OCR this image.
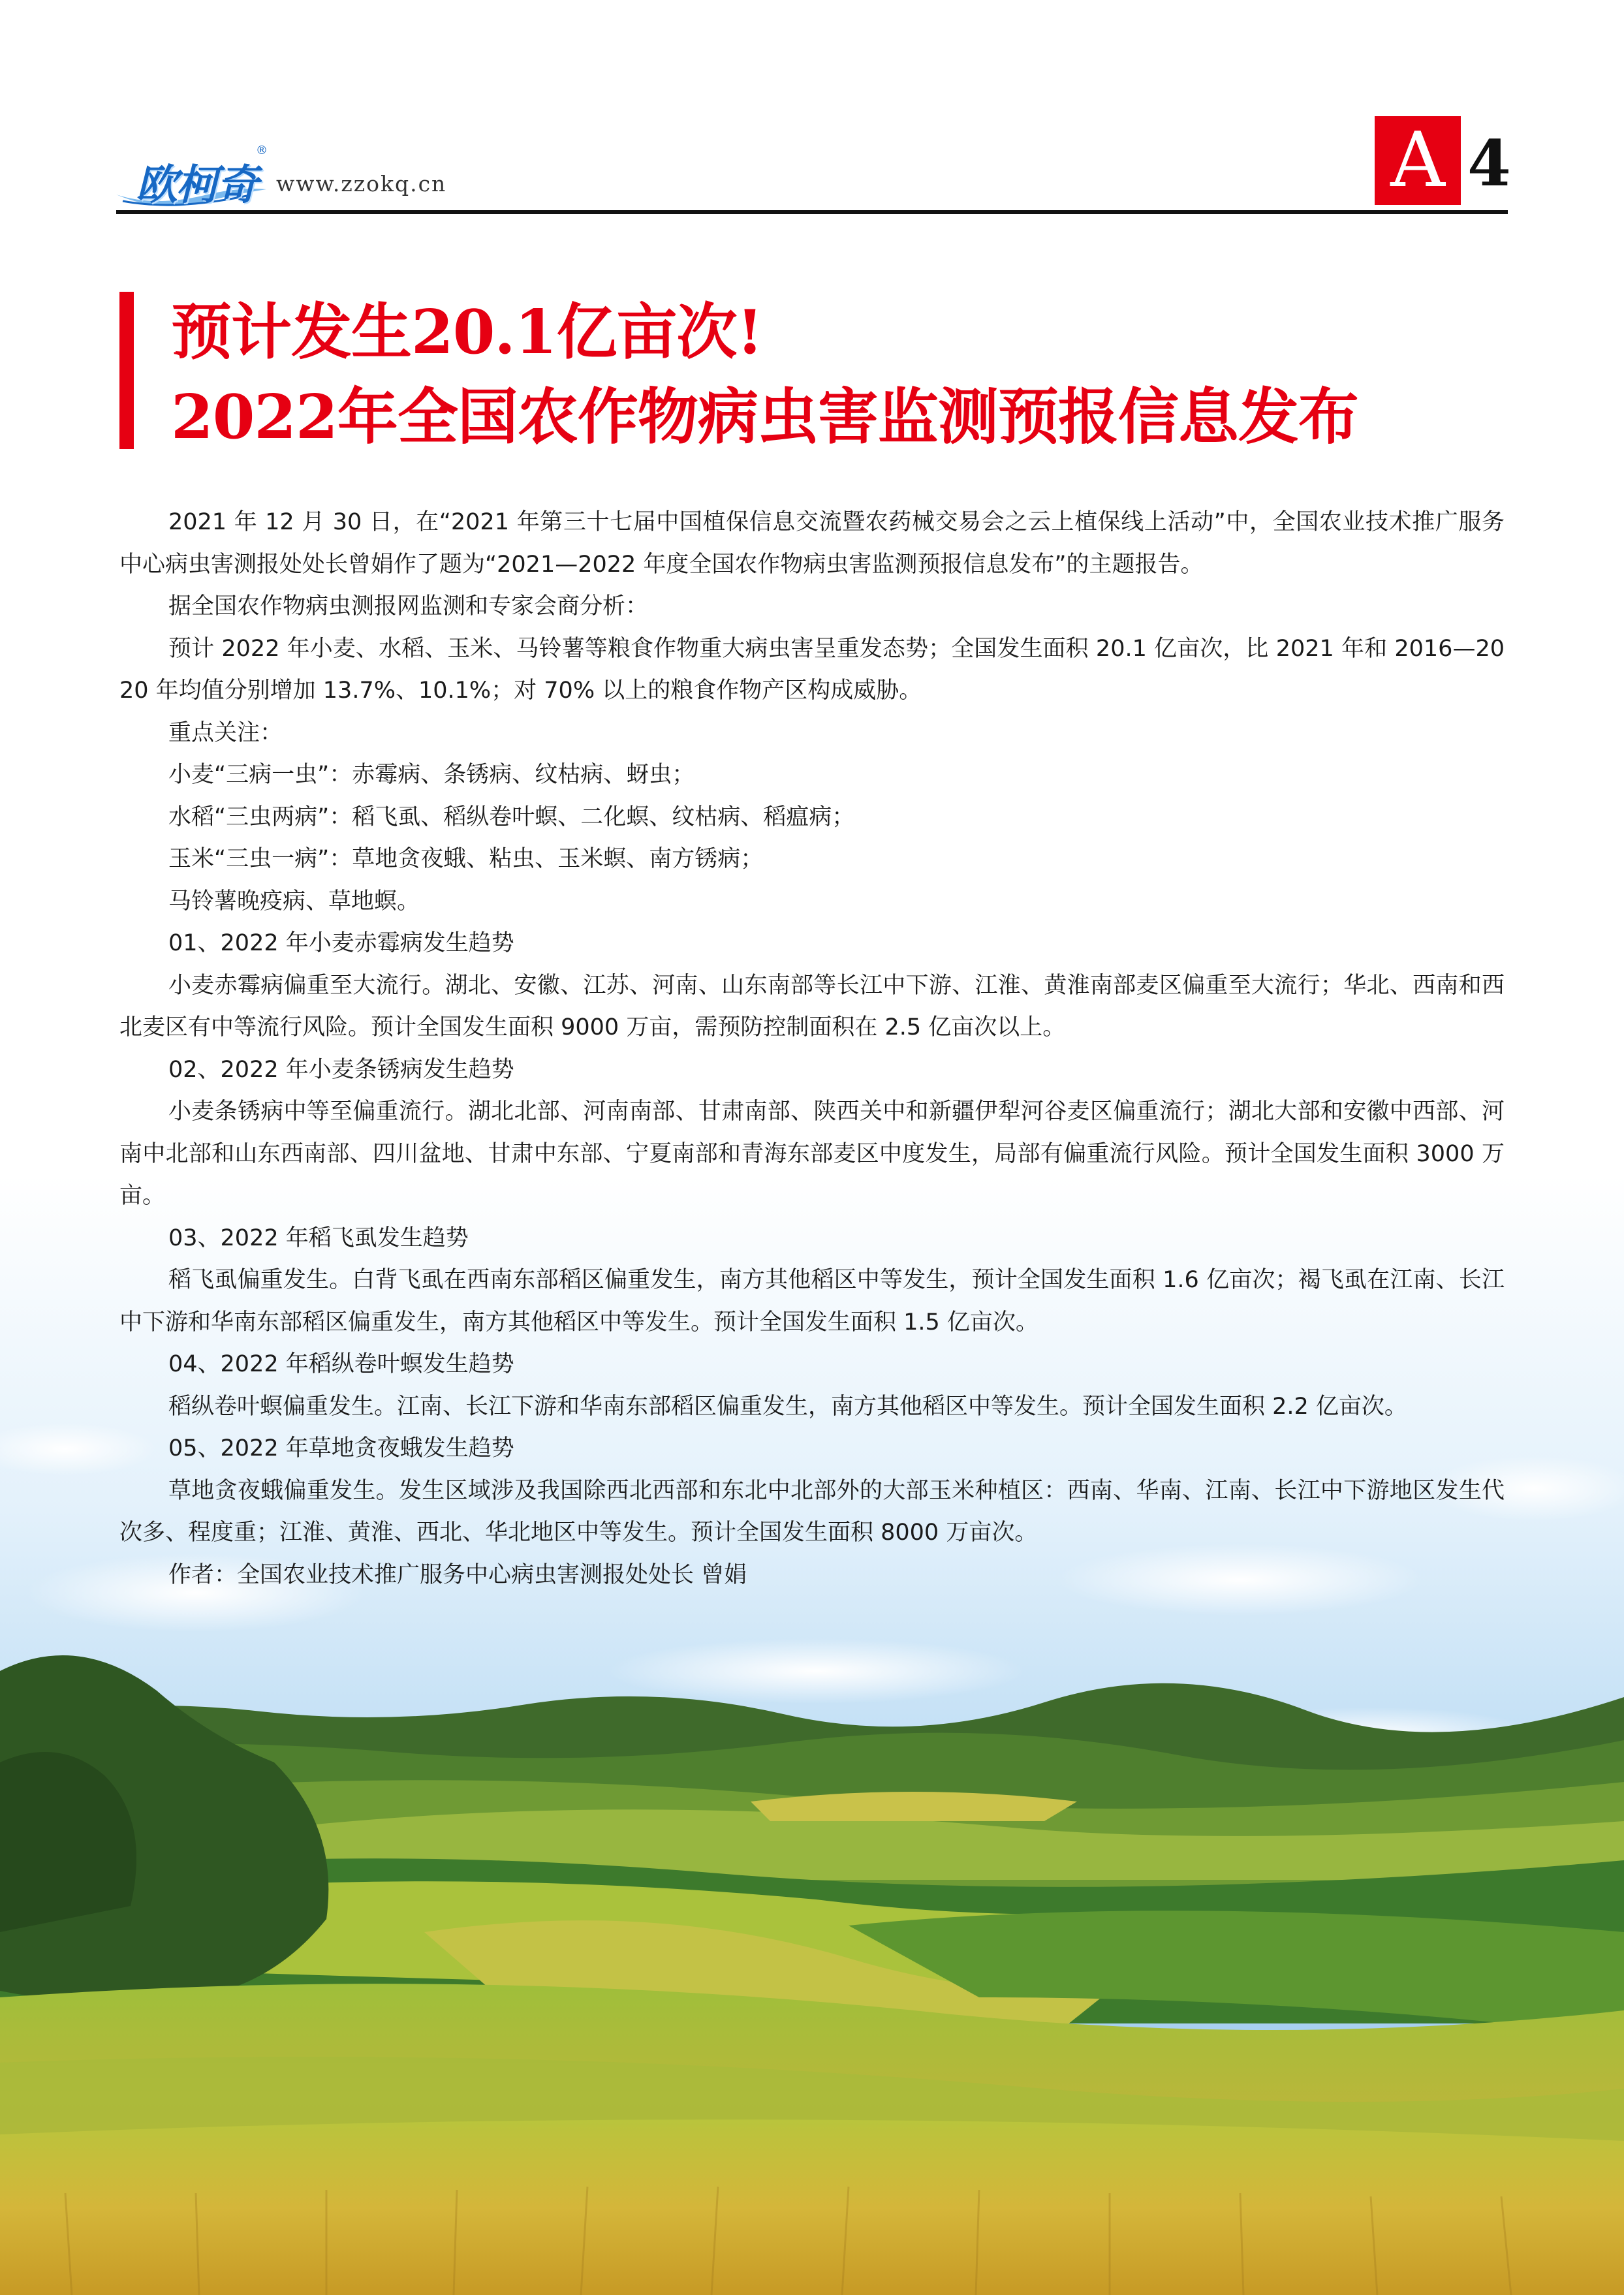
欧柯奇
®
www.zzokq.cn	A 4
预计发生20.1亿亩次!
2022年全国农作物病虫害监测预报信息发布

2021 年 12 月 30 日，在“2021 年第三十七届中国植保信息交流暨农药械交易会之云上植保线上活动”中，全国农业技术推广服务中心病虫害测报处处长曾娟作了题为“2021—2022 年度全国农作物病虫害监测预报信息发布”的主题报告。

据全国农作物病虫测报网监测和专家会商分析：

预计 2022 年小麦、水稻、玉米、马铃薯等粮食作物重大病虫害呈重发态势；全国发生面积 20.1 亿亩次，比 2021 年和 2016—2020 年均值分别增加 13.7%、10.1%；对 70% 以上的粮食作物产区构成威胁。

重点关注：

小麦“三病一虫”：赤霉病、条锈病、纹枯病、蚜虫；

水稻“三虫两病”：稻飞虱、稻纵卷叶螟、二化螟、纹枯病、稻瘟病；

玉米“三虫一病”：草地贪夜蛾、粘虫、玉米螟、南方锈病；

马铃薯晚疫病、草地螟。

01、2022 年小麦赤霉病发生趋势

小麦赤霉病偏重至大流行。湖北、安徽、江苏、河南、山东南部等长江中下游、江淮、黄淮南部麦区偏重至大流行；华北、西南和西北麦区有中等流行风险。预计全国发生面积 9000 万亩，需预防控制面积在 2.5 亿亩次以上。

02、2022 年小麦条锈病发生趋势

小麦条锈病中等至偏重流行。湖北北部、河南南部、甘肃南部、陕西关中和新疆伊犁河谷麦区偏重流行；湖北大部和安徽中西部、河南中北部和山东西南部、四川盆地、甘肃中东部、宁夏南部和青海东部麦区中度发生，局部有偏重流行风险。预计全国发生面积 3000 万亩。

03、2022 年稻飞虱发生趋势

稻飞虱偏重发生。白背飞虱在西南东部稻区偏重发生，南方其他稻区中等发生，预计全国发生面积 1.6 亿亩次；褐飞虱在江南、长江中下游和华南东部稻区偏重发生，南方其他稻区中等发生。预计全国发生面积 1.5 亿亩次。

04、2022 年稻纵卷叶螟发生趋势

稻纵卷叶螟偏重发生。江南、长江下游和华南东部稻区偏重发生，南方其他稻区中等发生。预计全国发生面积 2.2 亿亩次。

05、2022 年草地贪夜蛾发生趋势

草地贪夜蛾偏重发生。发生区域涉及我国除西北西部和东北中北部外的大部玉米种植区：西南、华南、江南、长江中下游地区发生代次多、程度重；江淮、黄淮、西北、华北地区中等发生。预计全国发生面积 8000 万亩次。

作者：全国农业技术推广服务中心病虫害测报处处长 曾娟
